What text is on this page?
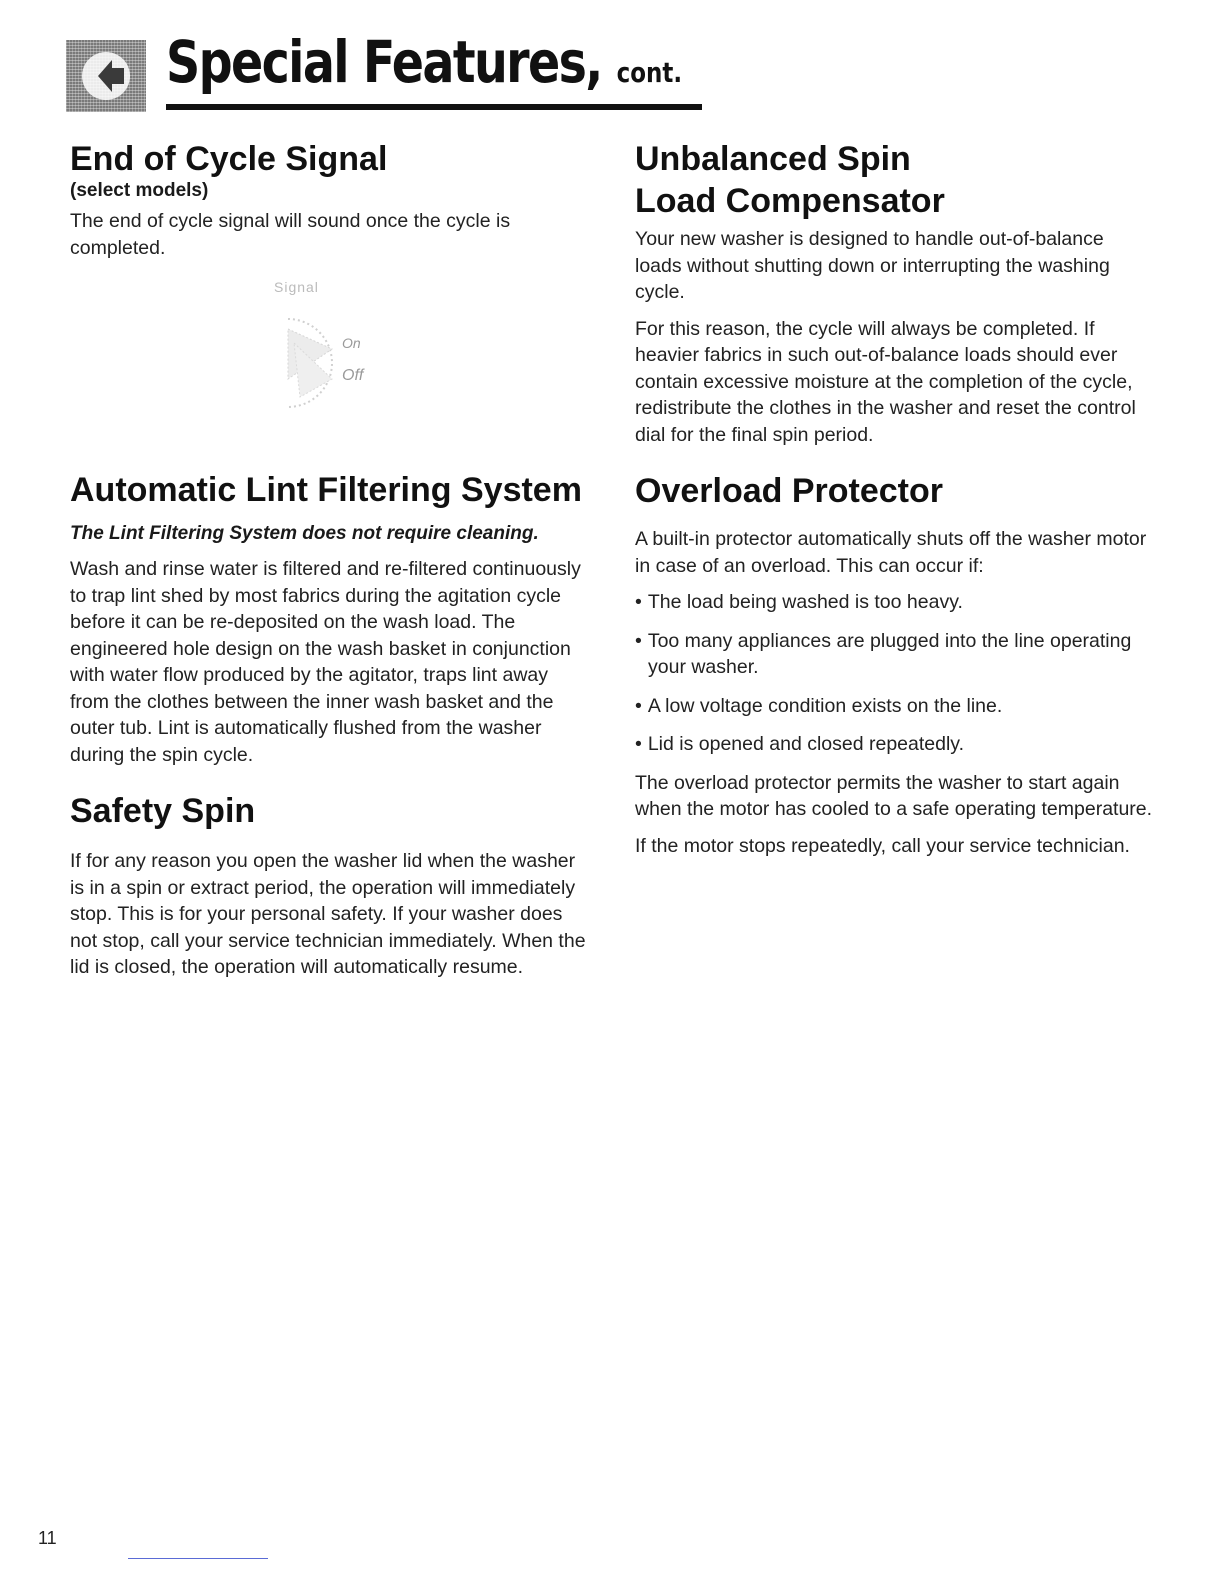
Special Features, cont.
End of Cycle Signal
(select models)

The end of cycle signal will sound once the cycle is completed.

Signal
On
Off
Automatic Lint Filtering System
The Lint Filtering System does not require cleaning.

Wash and rinse water is filtered and re-filtered continuously to trap lint shed by most fabrics during the agitation cycle before it can be re-deposited on the wash load. The engineered hole design on the wash basket in conjunction with water flow produced by the agitator, traps lint away from the clothes between the inner wash basket and the outer tub. Lint is automatically flushed from the washer during the spin cycle.

Safety Spin

If for any reason you open the washer lid when the washer is in a spin or extract period, the operation will immediately stop. This is for your personal safety. If your washer does not stop, call your service technician immediately. When the lid is closed, the operation will automatically resume.

Unbalanced Spin
Load Compensator

Your new washer is designed to handle out-of-balance loads without shutting down or interrupting the washing cycle.

For this reason, the cycle will always be completed. If heavier fabrics in such out-of-balance loads should ever contain excessive moisture at the completion of the cycle, redistribute the clothes in the washer and reset the control dial for the final spin period.

Overload Protector

A built-in protector automatically shuts off the washer motor in case of an overload. This can occur if:

• The load being washed is too heavy.
• Too many appliances are plugged into the line operating your washer.
• A low voltage condition exists on the line.
• Lid is opened and closed repeatedly.

The overload protector permits the washer to start again when the motor has cooled to a safe operating temperature.

If the motor stops repeatedly, call your service technician.

11
